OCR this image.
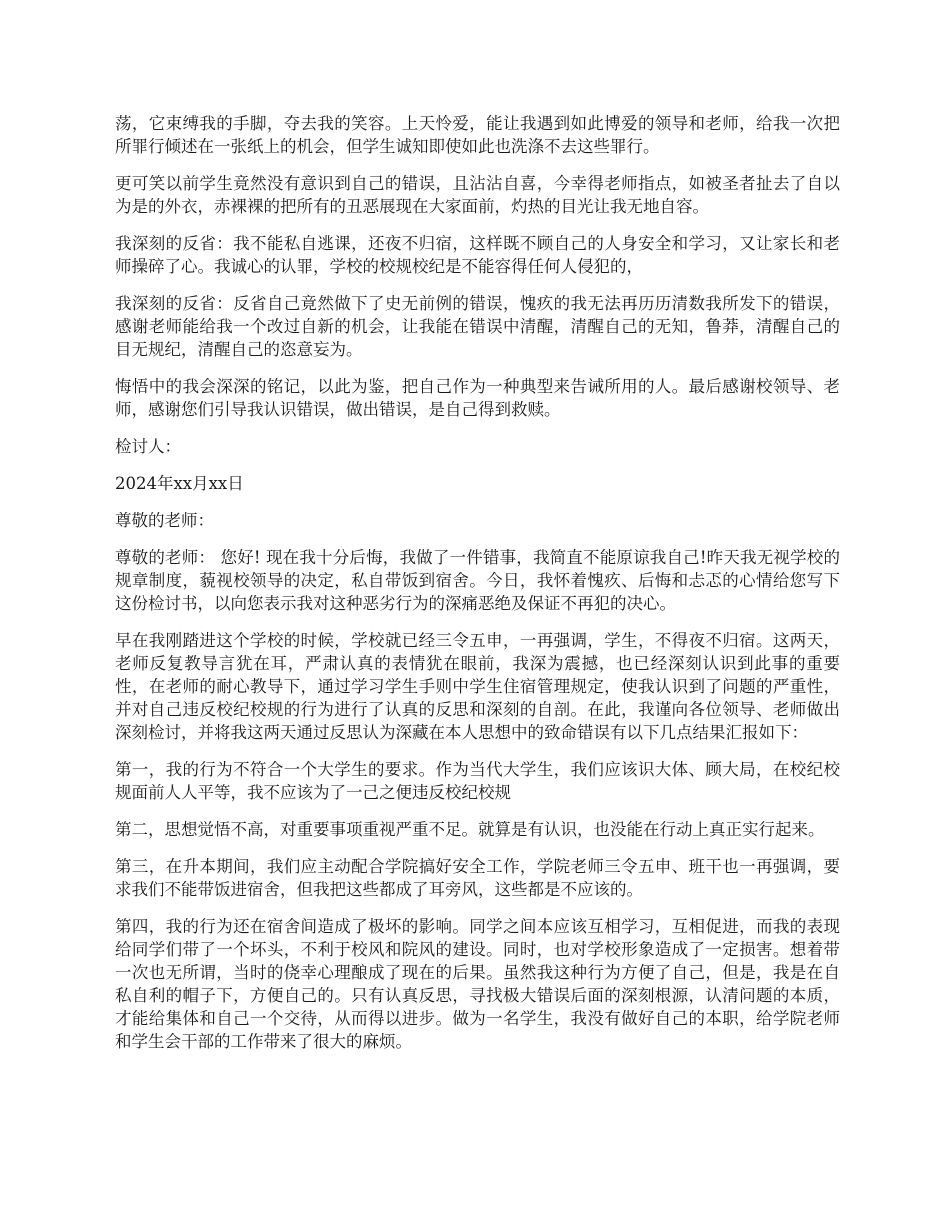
荡，它束缚我的手脚，夺去我的笑容。上天怜爱，能让我遇到如此博爱的领导和老师，给我一次把所罪行倾述在一张纸上的机会，但学生诚知即使如此也洗涤不去这些罪行。

更可笑以前学生竟然没有意识到自己的错误，且沾沾自喜，今幸得老师指点，如被圣者扯去了自以为是的外衣，赤裸裸的把所有的丑恶展现在大家面前，灼热的目光让我无地自容。

我深刻的反省：我不能私自逃课，还夜不归宿，这样既不顾自己的人身安全和学习，又让家长和老师操碎了心。我诚心的认罪，学校的校规校纪是不能容得任何人侵犯的，

我深刻的反省：反省自己竟然做下了史无前例的错误，愧疚的我无法再历历清数我所发下的错误，感谢老师能给我一个改过自新的机会，让我能在错误中清醒，清醒自己的无知，鲁莽，清醒自己的目无规纪，清醒自己的恣意妄为。

悔悟中的我会深深的铭记，以此为鉴，把自己作为一种典型来告诫所用的人。最后感谢校领导、老师，感谢您们引导我认识错误，做出错误，是自己得到救赎。

检讨人：

2024年xx月xx日

尊敬的老师：

尊敬的老师： 您好! 现在我十分后悔，我做了一件错事，我简直不能原谅我自己!昨天我无视学校的规章制度，藐视校领导的决定，私自带饭到宿舍。今日，我怀着愧疚、后悔和忐忑的心情给您写下这份检讨书，以向您表示我对这种恶劣行为的深痛恶绝及保证不再犯的决心。

早在我刚踏进这个学校的时候，学校就已经三令五申，一再强调，学生，不得夜不归宿。这两天，老师反复教导言犹在耳，严肃认真的表情犹在眼前，我深为震撼，也已经深刻认识到此事的重要性，在老师的耐心教导下，通过学习学生手则中学生住宿管理规定，使我认识到了问题的严重性，并对自己违反校纪校规的行为进行了认真的反思和深刻的自剖。在此，我谨向各位领导、老师做出深刻检讨，并将我这两天通过反思认为深藏在本人思想中的致命错误有以下几点结果汇报如下：

第一，我的行为不符合一个大学生的要求。作为当代大学生，我们应该识大体、顾大局，在校纪校规面前人人平等，我不应该为了一己之便违反校纪校规

第二，思想觉悟不高，对重要事项重视严重不足。就算是有认识，也没能在行动上真正实行起来。

第三，在升本期间，我们应主动配合学院搞好安全工作，学院老师三令五申、班干也一再强调，要求我们不能带饭进宿舍，但我把这些都成了耳旁风，这些都是不应该的。

第四，我的行为还在宿舍间造成了极坏的影响。同学之间本应该互相学习，互相促进，而我的表现给同学们带了一个坏头，不利于校风和院风的建设。同时，也对学校形象造成了一定损害。想着带一次也无所谓，当时的侥幸心理酿成了现在的后果。虽然我这种行为方便了自己，但是，我是在自私自利的帽子下，方便自己的。只有认真反思，寻找极大错误后面的深刻根源，认清问题的本质，才能给集体和自己一个交待，从而得以进步。做为一名学生，我没有做好自己的本职，给学院老师和学生会干部的工作带来了很大的麻烦。
